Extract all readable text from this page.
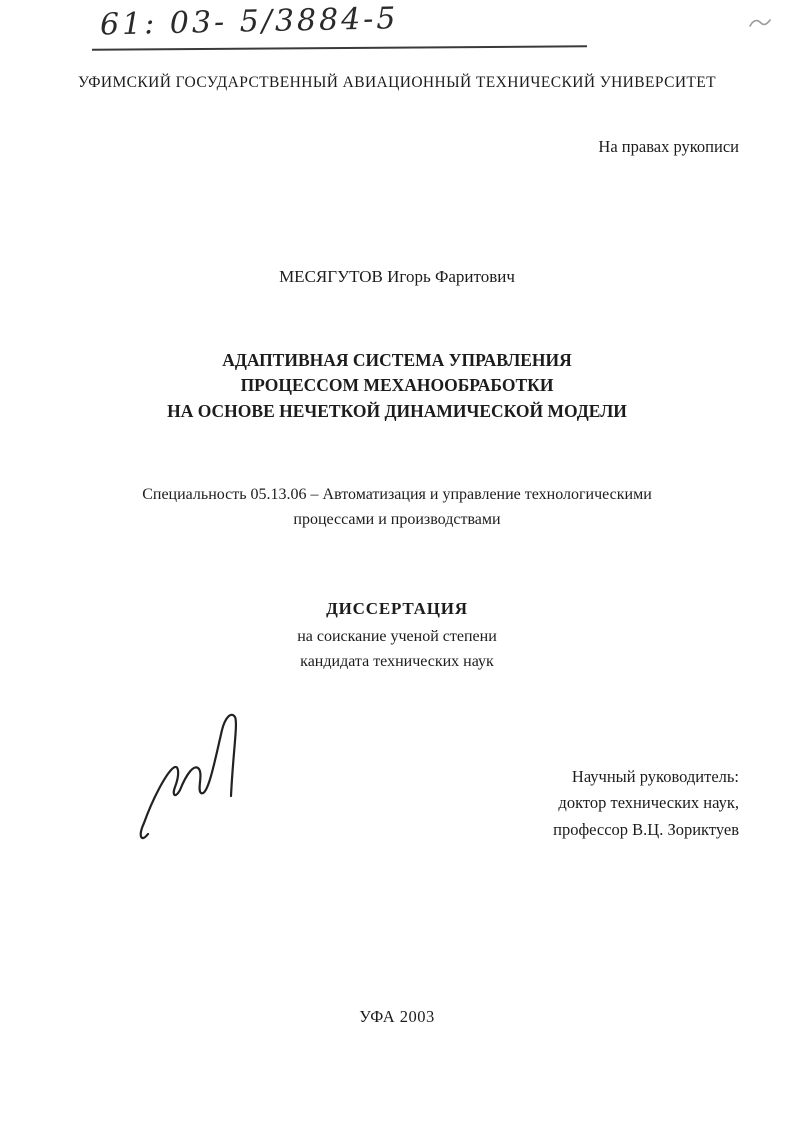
61: 03- 5/3884-5
УФИМСКИЙ ГОСУДАРСТВЕННЫЙ АВИАЦИОННЫЙ ТЕХНИЧЕСКИЙ УНИВЕРСИТЕТ
На правах рукописи
МЕСЯГУТОВ Игорь Фаритович
АДАПТИВНАЯ СИСТЕМА УПРАВЛЕНИЯ
ПРОЦЕССОМ МЕХАНООБРАБОТКИ
НА ОСНОВЕ НЕЧЕТКОЙ ДИНАМИЧЕСКОЙ МОДЕЛИ
Специальность 05.13.06 – Автоматизация и управление технологическими
процессами и производствами
ДИССЕРТАЦИЯ
на соискание ученой степени
кандидата технических наук
Научный руководитель:
доктор технических наук,
профессор В.Ц. Зориктуев
УФА 2003
